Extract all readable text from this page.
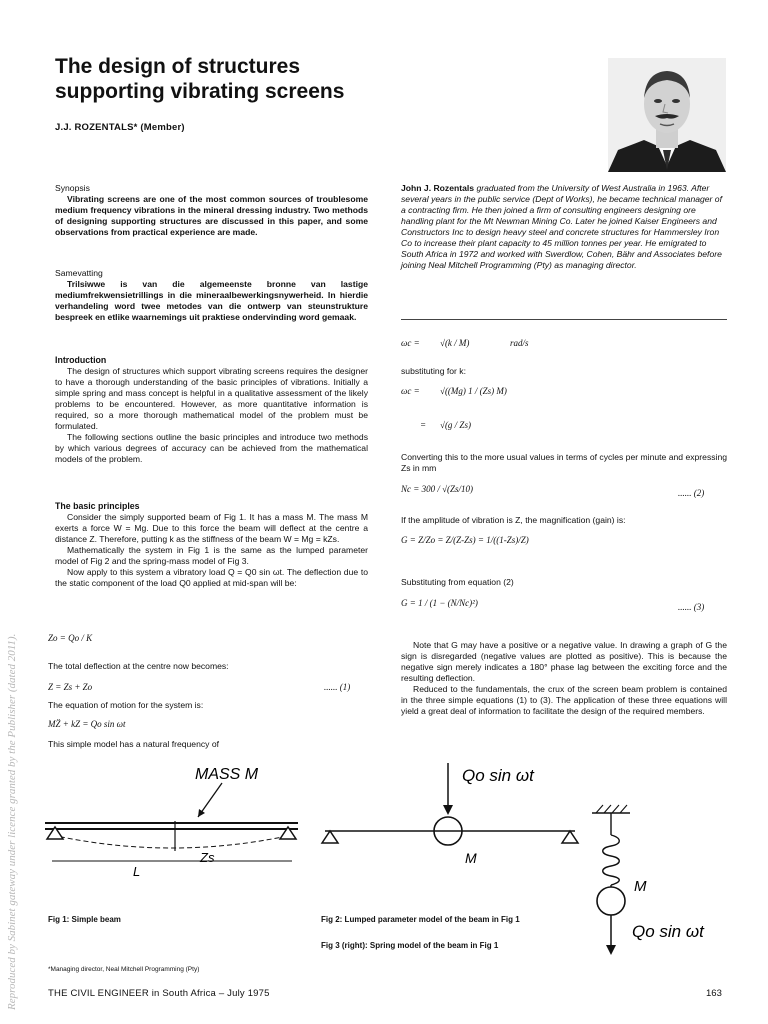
The design of structures
supporting vibrating screens
J.J. ROZENTALS* (Member)

Synopsis

Vibrating screens are one of the most common sources of troublesome medium frequency vibrations in the mineral dressing industry. Two methods of designing supporting structures are discussed in this paper, and some observations from practical experience are made.

Samevatting

Trilsiwwe is van die algemeenste bronne van lastige mediumfrekwensietrillings in die mineraalbewerkingsnywerheid. In hierdie verhandeling word twee metodes van die ontwerp van steunstrukture bespreek en etlike waarnemings uit praktiese ondervinding word gemaak.

Introduction

The design of structures which support vibrating screens requires the designer to have a thorough understanding of the basic principles of vibrations. Initially a simple spring and mass concept is helpful in a qualitative assessment of the likely problems to be encountered. However, as more quantitative information is required, so a more thorough mathematical model of the problem must be formulated.

The following sections outline the basic principles and introduce two methods by which various degrees of accuracy can be achieved from the mathematical models of the problem.

The basic principles

Consider the simply supported beam of Fig 1. It has a mass M. The mass M exerts a force W = Mg. Due to this force the beam will deflect at the centre a distance Z. Therefore, putting k as the stiffness of the beam W = Mg = kZs.

Mathematically the system in Fig 1 is the same as the lumped parameter model of Fig 2 and the spring-mass model of Fig 3.

Now apply to this system a vibratory load Q = Q0 sin ωt. The deflection due to the static component of the load Q0 applied at mid-span will be:

Zo = Qo / K
The total deflection at the centre now becomes:
Z = Zs + Zo	...... (1)
The equation of motion for the system is:
MZ̈ + kZ = Qo sin ωt
This simple model has a natural frequency of
John J. Rozentals graduated from the University of West Australia in 1963. After several years in the public service (Dept of Works), he became technical manager of a contracting firm. He then joined a firm of consulting engineers designing ore handling plant for the Mt Newman Mining Co. Later he joined Kaiser Engineers and Constructors Inc to design heavy steel and concrete structures for Hammersley Iron Co to increase their plant capacity to 45 million tonnes per year. He emigrated to South Africa in 1972 and worked with Swerdlow, Cohen, Bähr and Associates before joining Neal Mitchell Programming (Pty) as managing director.
ωc = √(k / M)	rad/s
substituting for k:
ωc = √((Mg) 1 / (Zs) M)
= √(g / Zs)
Converting this to the more usual values in terms of cycles per minute and expressing Zs in mm
Nc = 300 / √(Zs/10)	...... (2)
If the amplitude of vibration is Z, the magnification (gain) is:
G = Z/Zo = Z/(Z-Zs) = 1/((1-Zs)/Z)
Substituting from equation (2)
G = 1 / (1 − (N/Nc)²)	...... (3)

Note that G may have a positive or a negative value. In drawing a graph of G the sign is disregarded (negative values are plotted as positive). This is because the negative sign merely indicates a 180° phase lag between the exciting force and the resulting deflection.

Reduced to the fundamentals, the crux of the screen beam problem is contained in the three simple equations (1) to (3). The application of these three equations will yield a great deal of information to facilitate the design of the required members.

MASS M
Zs
L
Qo sin ωt
M
M
Qo sin ωt
Fig 1: Simple beam	Fig 2: Lumped parameter model of the beam in Fig 1
Fig 3 (right): Spring model of the beam in Fig 1
*Managing director, Neal Mitchell Programming (Pty)
THE CIVIL ENGINEER in South Africa – July 1975	163
Reproduced by Sabinet gateway under licence granted by the Publisher (dated 2011).
